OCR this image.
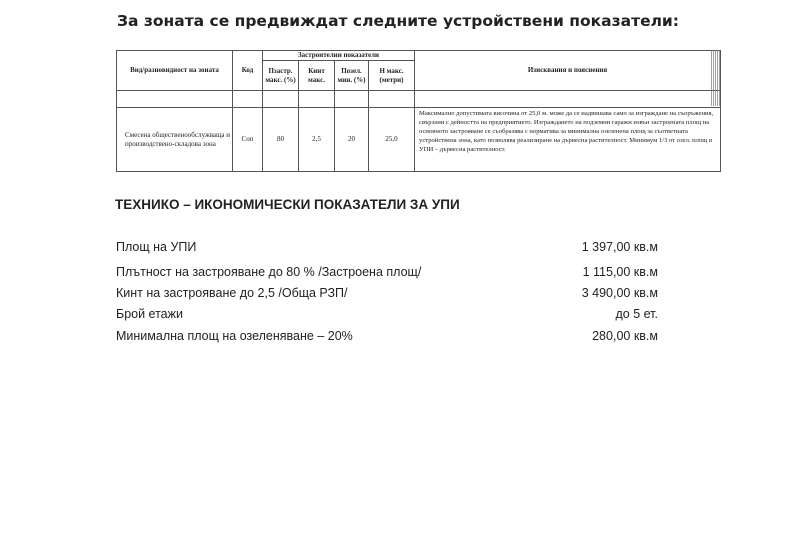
За зоната се предвиждат следните устройствени показатели:
Вид/разновидност на зоната	Код	Застроителни показатели				Изисквания и пояснения
		Пзастр. макс. (%)	Кинт макс.	Позел. мин. (%)	Н макс. (метри)	

Смесена общественообслужваща и производствено-складова зона	Соп	80	2,5	20	25,0	Максимално допустимата височина от 25,0 м. може да се надвишава само за изграждане на съоръжения, свързани с дейността на предприятието. Изграждането на подземни гаражи извън застроената площ на основното застрояване се съобразява с нормативa за минимална озеленена площ за съответната устройствена зона, като позволява реализиране на дървесна растителност. Минимум 1/3 от озел. площ в УПИ – дървесна растителност.
ТЕХНИКО – ИКОНОМИЧЕСКИ ПОКАЗАТЕЛИ ЗА УПИ
Площ на УПИ	1 397,00 кв.м
Плътност на застрояване до 80 % /Застроена площ/	1 115,00 кв.м
Кинт на застрояване до 2,5 /Обща РЗП/	3 490,00 кв.м
Брой етажи	до 5 ет.
Минимална площ на озеленяване – 20%	280,00 кв.м
